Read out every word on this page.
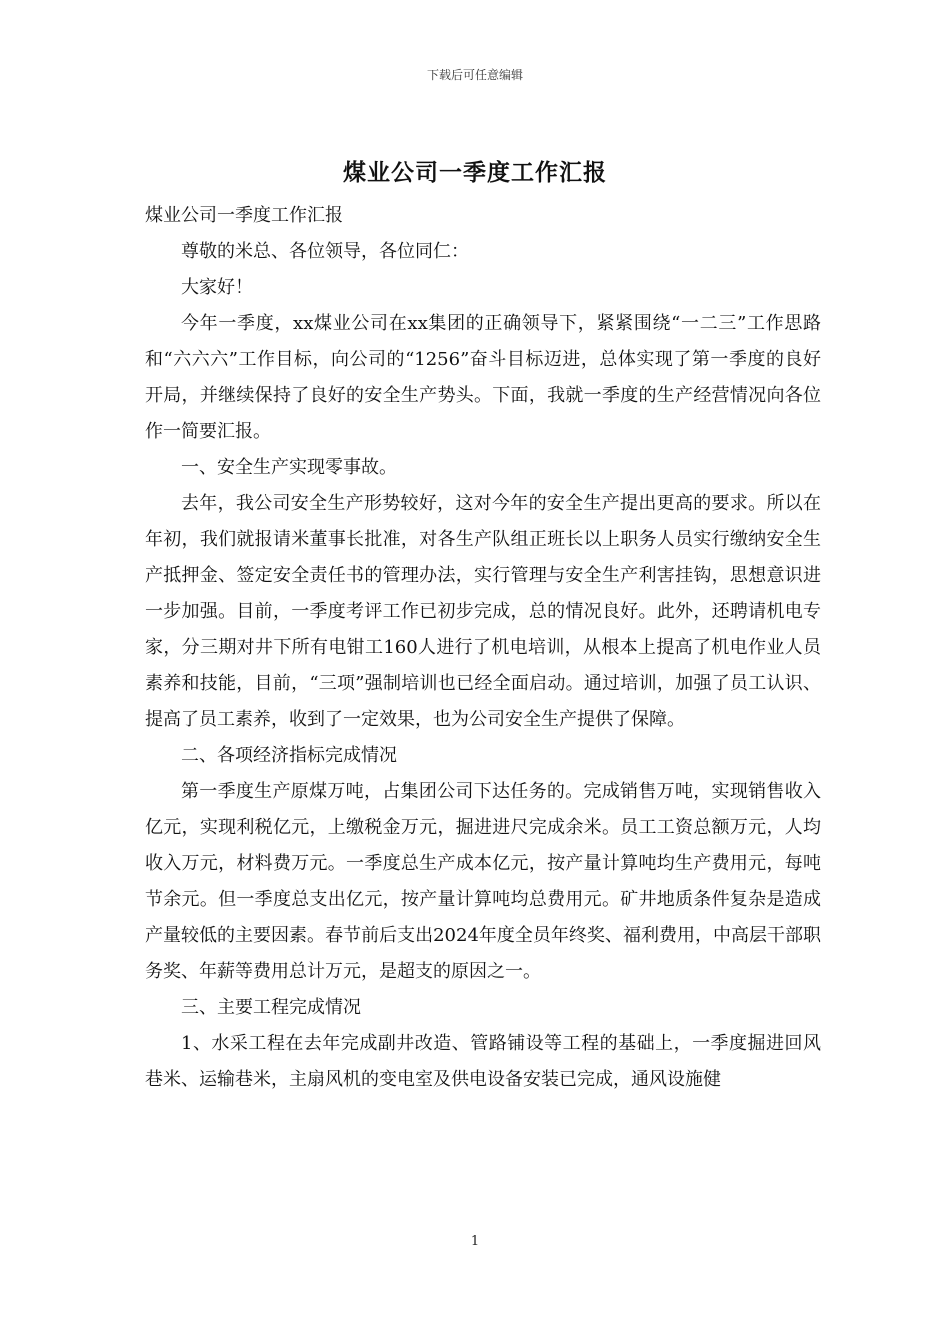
下载后可任意编辑
煤业公司一季度工作汇报

煤业公司一季度工作汇报

尊敬的米总、各位领导，各位同仁：

大家好！

今年一季度，xx煤业公司在xx集团的正确领导下，紧紧围绕“一二三”工作思路和“六六六”工作目标，向公司的“1256”奋斗目标迈进，总体实现了第一季度的良好开局，并继续保持了良好的安全生产势头。下面，我就一季度的生产经营情况向各位作一简要汇报。

一、安全生产实现零事故。

去年，我公司安全生产形势较好，这对今年的安全生产提出更高的要求。所以在年初，我们就报请米董事长批准，对各生产队组正班长以上职务人员实行缴纳安全生产抵押金、签定安全责任书的管理办法，实行管理与安全生产利害挂钩，思想意识进一步加强。目前，一季度考评工作已初步完成，总的情况良好。此外，还聘请机电专家，分三期对井下所有电钳工160人进行了机电培训，从根本上提高了机电作业人员素养和技能，目前，“三项”强制培训也已经全面启动。通过培训，加强了员工认识、提高了员工素养，收到了一定效果，也为公司安全生产提供了保障。

二、各项经济指标完成情况

第一季度生产原煤万吨，占集团公司下达任务的。完成销售万吨，实现销售收入亿元，实现利税亿元，上缴税金万元，掘进进尺完成余米。员工工资总额万元，人均收入万元，材料费万元。一季度总生产成本亿元，按产量计算吨均生产费用元，每吨节余元。但一季度总支出亿元，按产量计算吨均总费用元。矿井地质条件复杂是造成产量较低的主要因素。春节前后支出2024年度全员年终奖、福利费用，中高层干部职务奖、年薪等费用总计万元，是超支的原因之一。

三、主要工程完成情况

1、水采工程在去年完成副井改造、管路铺设等工程的基础上，一季度掘进回风巷米、运输巷米，主扇风机的变电室及供电设备安装已完成，通风设施健

1
